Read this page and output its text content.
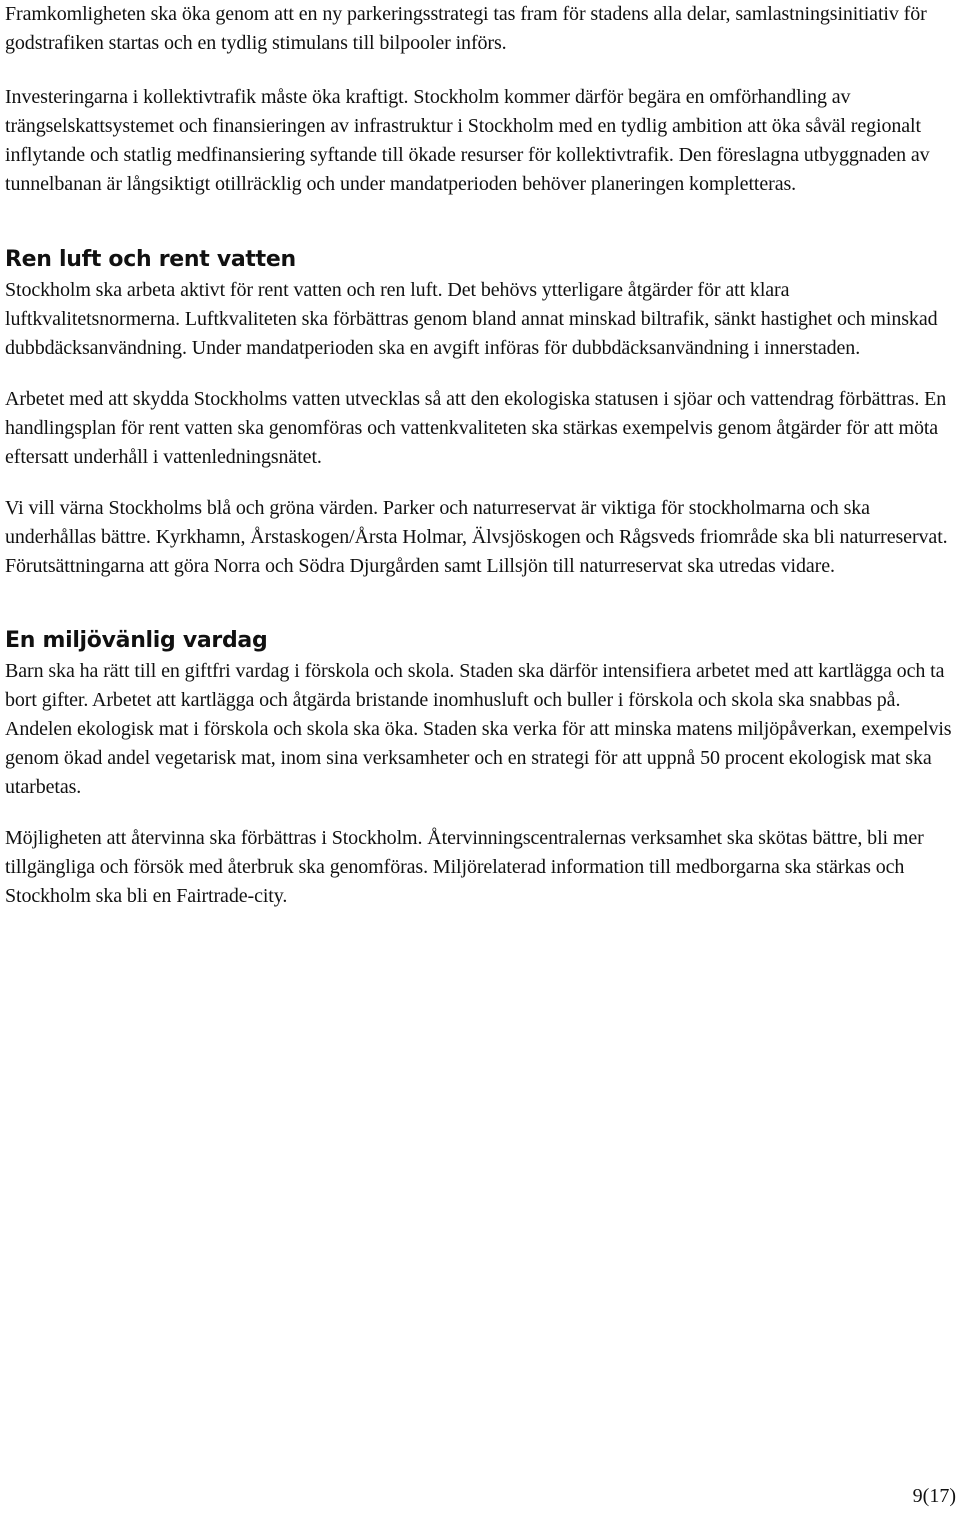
Framkomligheten ska öka genom att en ny parkeringsstrategi tas fram för stadens alla delar, samlastningsinitiativ för godstrafiken startas och en tydlig stimulans till bilpooler införs.

Investeringarna i kollektivtrafik måste öka kraftigt. Stockholm kommer därför begära en omförhandling av trängselskattsystemet och finansieringen av infrastruktur i Stockholm med en tydlig ambition att öka såväl regionalt inflytande och statlig medfinansiering syftande till ökade resurser för kollektivtrafik. Den föreslagna utbyggnaden av tunnelbanan är långsiktigt otillräcklig och under mandatperioden behöver planeringen kompletteras.

Ren luft och rent vatten

Stockholm ska arbeta aktivt för rent vatten och ren luft. Det behövs ytterligare åtgärder för att klara luftkvalitetsnormerna. Luftkvaliteten ska förbättras genom bland annat minskad biltrafik, sänkt hastighet och minskad dubbdäcksanvändning. Under mandatperioden ska en avgift införas för dubbdäcksanvändning i innerstaden.

Arbetet med att skydda Stockholms vatten utvecklas så att den ekologiska statusen i sjöar och vattendrag förbättras. En handlingsplan för rent vatten ska genomföras och vattenkvaliteten ska stärkas exempelvis genom åtgärder för att möta eftersatt underhåll i vattenledningsnätet.

Vi vill värna Stockholms blå och gröna värden. Parker och naturreservat är viktiga för stockholmarna och ska underhållas bättre. Kyrkhamn, Årstaskogen/Årsta Holmar, Älvsjöskogen och Rågsveds friområde ska bli naturreservat. Förutsättningarna att göra Norra och Södra Djurgården samt Lillsjön till naturreservat ska utredas vidare.

En miljövänlig vardag

Barn ska ha rätt till en giftfri vardag i förskola och skola. Staden ska därför intensifiera arbetet med att kartlägga och ta bort gifter. Arbetet att kartlägga och åtgärda bristande inomhusluft och buller i förskola och skola ska snabbas på. Andelen ekologisk mat i förskola och skola ska öka. Staden ska verka för att minska matens miljöpåverkan, exempelvis genom ökad andel vegetarisk mat, inom sina verksamheter och en strategi för att uppnå 50 procent ekologisk mat ska utarbetas.

Möjligheten att återvinna ska förbättras i Stockholm. Återvinningscentralernas verksamhet ska skötas bättre, bli mer tillgängliga och försök med återbruk ska genomföras. Miljörelaterad information till medborgarna ska stärkas och Stockholm ska bli en Fairtrade-city.

9(17)
